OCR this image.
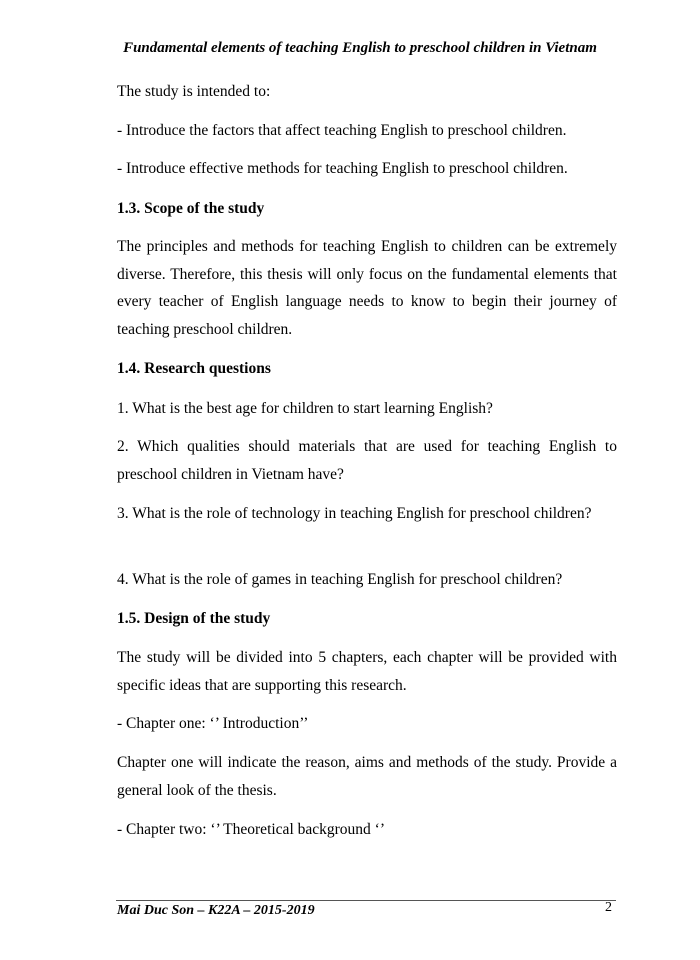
Fundamental elements of teaching English to preschool children in Vietnam
The study is intended to:
- Introduce the factors that affect teaching English to preschool children.
- Introduce effective methods for teaching English to preschool children.
1.3. Scope of the study
The principles and methods for teaching English to children can be extremely diverse. Therefore, this thesis will only focus on the fundamental elements that every teacher of English language needs to know to begin their journey of teaching preschool children.
1.4. Research questions
1. What is the best age for children to start learning English?
2. Which qualities should materials that are used for teaching English to preschool children in Vietnam have?
3. What is the role of technology in teaching English for preschool children?
4. What is the role of games in teaching English for preschool children?
1.5. Design of the study
The study will be divided into 5 chapters, each chapter will be provided with specific ideas that are supporting this research.
- Chapter one: ‘’ Introduction’’
Chapter one will indicate the reason, aims and methods of the study. Provide a general look of the thesis.
- Chapter two: ‘’ Theoretical background ‘’
Mai Duc Son – K22A – 2015-2019	2
